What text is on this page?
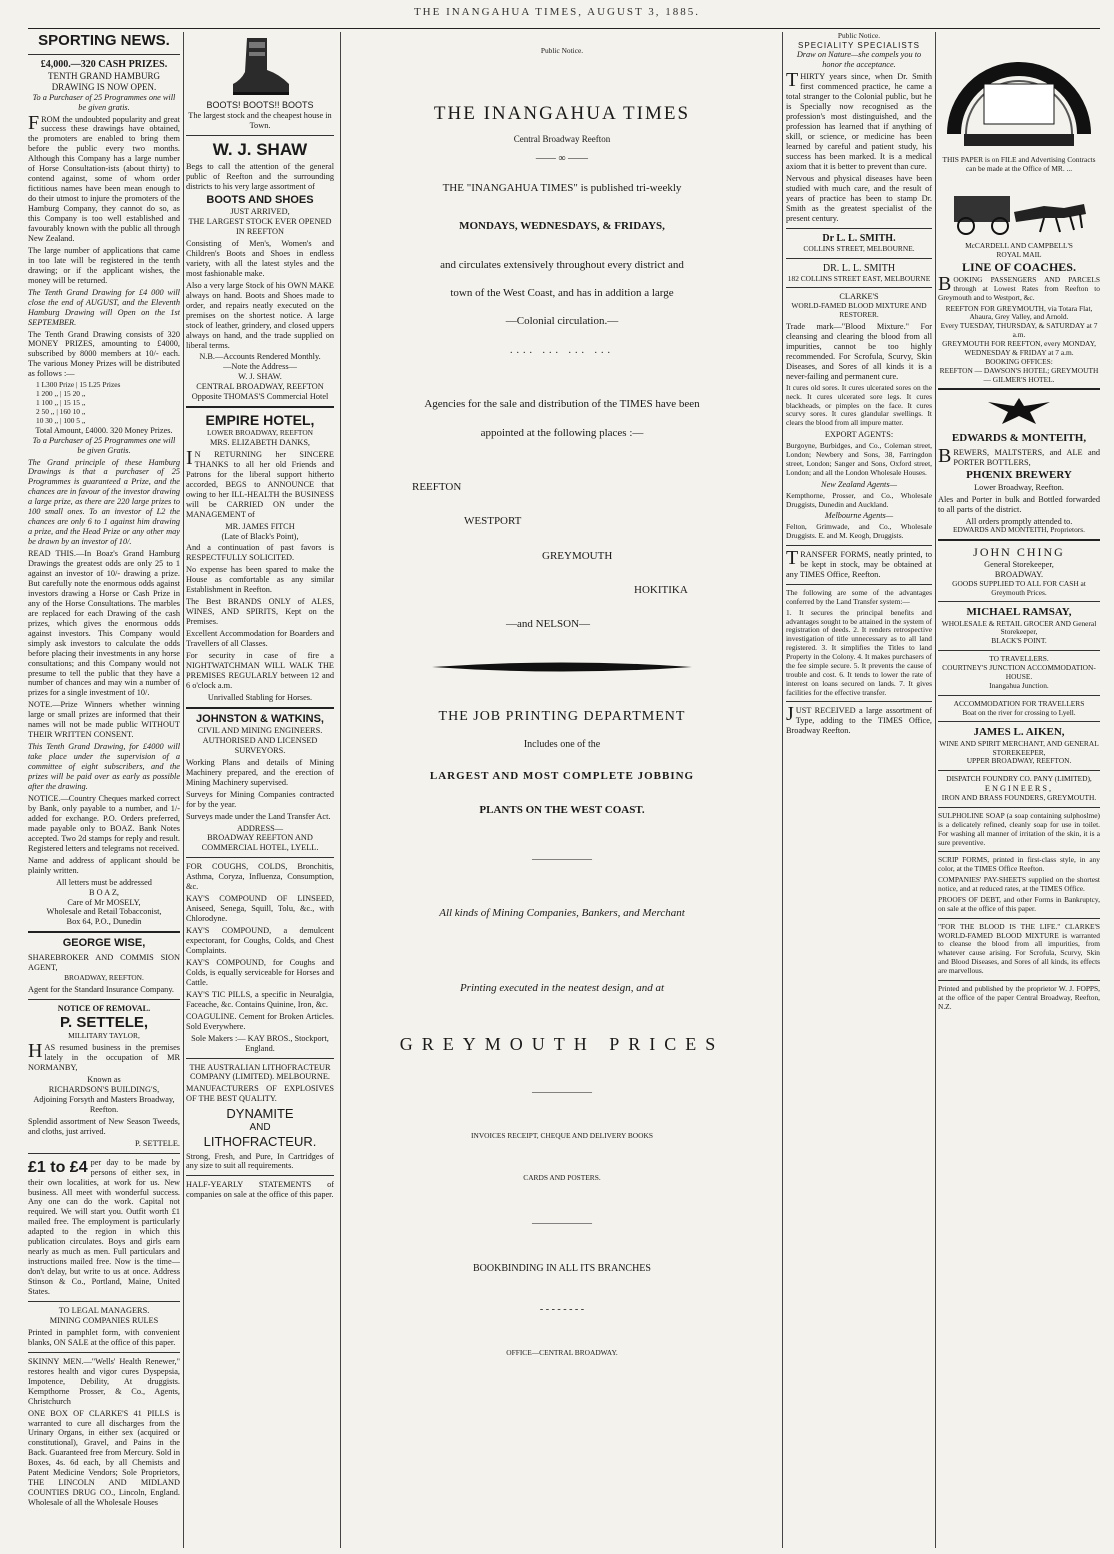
THE INANGAHUA TIMES, AUGUST 3, 1885.
SPORTING NEWS.
£4,000.—320 CASH PRIZES.
TENTH GRAND HAMBURG DRAWING IS NOW OPEN.
To a Purchaser of 25 Programmes one will be given gratis.

FROM the undoubted popularity and great success these drawings have obtained, the promoters are enabled to bring them before the public every two months. Although this Company has a large number of Horse Consultation-ists (about thirty) to contend against, some of whom order fictitious names have been mean enough to do their utmost to injure the promoters of the Hamburg Company, they cannot do so, as this Company is too well established and favourably known with the public all through New Zealand.

The large number of applications that came in too late will be registered in the tenth drawing; or if the applicant wishes, the money will be returned.

The Tenth Grand Drawing for £4 000 will close the end of AUGUST, and the Eleventh Hamburg Drawing will Open on the 1st SEPTEMBER.

The Tenth Grand Drawing consists of 320 MONEY PRIZES, amounting to £4000, subscribed by 8000 members at 10/- each. The various Money Prizes will be distributed as follows :—

1 L300 Prize | 15 L25 Prizes
1 200 ,, | 15 20 ,,
1 100 ,, | 15 15 ,,
2 50 ,, | 160 10 ,,
10 30 ,, | 100 5 ,,
Total Amount, £4000. 320 Money Prizes.
To a Purchaser of 25 Programmes one will be given Gratis.

The Grand principle of these Hamburg Drawings is that a purchaser of 25 Programmes is guaranteed a Prize, and the chances are in favour of the investor drawing a large prize, as there are 220 large prizes to 100 small ones. To an investor of L2 the chances are only 6 to 1 against him drawing a prize, and the Head Prize or any other may be drawn by an investor of 10/.

READ THIS.—In Boaz's Grand Hamburg Drawings the greatest odds are only 25 to 1 against an investor of 10/- drawing a prize. But carefully note the enormous odds against investors drawing a Horse or Cash Prize in any of the Horse Consultations. The marbles are replaced for each Drawing of the cash prizes, which gives the enormous odds against investors. This Company would simply ask investors to calculate the odds before placing their investments in any horse consultations; and this Company would not presume to tell the public that they have a number of chances and may win a number of prizes for a single investment of 10/.

NOTE.—Prize Winners whether winning large or small prizes are informed that their names will not be made public WITHOUT THEIR WRITTEN CONSENT.

This Tenth Grand Drawing, for £4000 will take place under the supervision of a committee of eight subscribers, and the prizes will be paid over as early as possible after the drawing.

NOTICE.—Country Cheques marked correct by Bank, only payable to a number, and 1/- added for exchange. P.O. Orders preferred, made payable only to BOAZ. Bank Notes accepted. Two 2d stamps for reply and result. Registered letters and telegrams not received.

Name and address of applicant should be plainly written.

All letters must be addressed
B O A Z,
Care of Mr MOSELY,
Wholesale and Retail Tobacconist,
Box 64, P.O., Dunedin
GEORGE WISE,

SHAREBROKER AND COMMIS SION AGENT,

BROADWAY, REEFTON.

Agent for the Standard Insurance Company.

NOTICE OF REMOVAL.
P. SETTELE,
MILLITARY TAYLOR,

HAS resumed business in the premises lately in the occupation of MR NORMANBY,

Known as
RICHARDSON'S BUILDING'S,
Adjoining Forsyth and Masters Broadway, Reefton.

Splendid assortment of New Season Tweeds, and cloths, just arrived.

P. SETTELE.
£1 to £4 per day to be made by persons of either sex, in their own localities, at work for us. New business. All meet with wonderful success. Any one can do the work. Capital not required. We will start you. Outfit worth £1 mailed free. The employment is particularly adapted to the region in which this publication circulates. Boys and girls earn nearly as much as men. Full particulars and instructions mailed free. Now is the time—don't delay, but write to us at once. Address Stinson & Co., Portland, Maine, United States.

TO LEGAL MANAGERS.
MINING COMPANIES RULES

Printed in pamphlet form, with convenient blanks, ON SALE at the office of this paper.

SKINNY MEN.—"Wells' Health Renewer," restores health and vigor cures Dyspepsia, Impotence, Debility, At druggists. Kempthorne Prosser, & Co., Agents, Christchurch

ONE BOX OF CLARKE'S 41 PILLS is warranted to cure all discharges from the Urinary Organs, in either sex (acquired or constitutional), Gravel, and Pains in the Back. Guaranteed free from Mercury. Sold in Boxes, 4s. 6d each, by all Chemists and Patent Medicine Vendors; Sole Proprietors, THE LINCOLN AND MIDLAND COUNTIES DRUG CO., Lincoln, England. Wholesale of all the Wholesale Houses

BOOTS! BOOTS!! BOOTS
The largest stock and the cheapest house in Town.
W. J. SHAW

Begs to call the attention of the general public of Reefton and the surrounding districts to his very large assortment of

BOOTS AND SHOES
JUST ARRIVED,
THE LARGEST STOCK EVER OPENED IN REEFTON

Consisting of Men's, Women's and Children's Boots and Shoes in endless variety, with all the latest styles and the most fashionable make.

Also a very large Stock of his OWN MAKE always on hand. Boots and Shoes made to order, and repairs neatly executed on the premises on the shortest notice. A large stock of leather, grindery, and closed uppers always on hand, and the trade supplied on liberal terms.

N.B.—Accounts Rendered Monthly.
—Note the Address—
W. J. SHAW.
CENTRAL BROADWAY, REEFTON
Opposite THOMAS'S Commercial Hotel
EMPIRE HOTEL,
LOWER BROADWAY, REEFTON
MRS. ELIZABETH DANKS,

IN RETURNING her SINCERE THANKS to all her old Friends and Patrons for the liberal support hitherto accorded, BEGS to ANNOUNCE that owing to her ILL-HEALTH the BUSINESS will be CARRIED ON under the MANAGEMENT of

MR. JAMES FITCH
(Late of Black's Point),

And a continuation of past favors is RESPECTFULLY SOLICITED.

No expense has been spared to make the House as comfortable as any similar Establishment in Reefton.

The Best BRANDS ONLY of ALES, WINES, AND SPIRITS, Kept on the Premises.

Excellent Accommodation for Boarders and Travellers of all Classes.

For security in case of fire a NIGHTWATCHMAN WILL WALK THE PREMISES REGULARLY between 12 and 6 o'clock a.m.

Unrivalled Stabling for Horses.
JOHNSTON & WATKINS,
CIVIL AND MINING ENGINEERS.
AUTHORISED AND LICENSED SURVEYORS.

Working Plans and details of Mining Machinery prepared, and the erection of Mining Machinery supervised.

Surveys for Mining Companies contracted for by the year.

Surveys made under the Land Transfer Act.

ADDRESS—
BROADWAY REEFTON AND COMMERCIAL HOTEL, LYELL.

FOR COUGHS, COLDS, Bronchitis, Asthma, Coryza, Influenza, Consumption, &c.

KAY'S COMPOUND OF LINSEED, Aniseed, Senega, Squill, Tolu, &c., with Chlorodyne.

KAY'S COMPOUND, a demulcent expectorant, for Coughs, Colds, and Chest Complaints.

KAY'S COMPOUND, for Coughs and Colds, is equally serviceable for Horses and Cattle.

KAY'S TIC PILLS, a specific in Neuralgia, Faceache, &c. Contains Quinine, Iron, &c.

COAGULINE. Cement for Broken Articles. Sold Everywhere.

Sole Makers :— KAY BROS., Stockport, England.
THE AUSTRALIAN LITHOFRACTEUR COMPANY (LIMITED). MELBOURNE.

MANUFACTURERS OF EXPLOSIVES OF THE BEST QUALITY.

DYNAMITE
AND
LITHOFRACTEUR.

Strong, Fresh, and Pure, In Cartridges of any size to suit all requirements.

HALF-YEARLY STATEMENTS of companies on sale at the office of this paper.

Public Notice.
THE INANGAHUA TIMES
Central Broadway Reefton
—— ∞ ——
THE "INANGAHUA TIMES" is published tri-weekly
MONDAYS, WEDNESDAYS, & FRIDAYS,
and circulates extensively throughout every district and
town of the West Coast, and has in addition a large
—Colonial circulation.—
.... ... ... ...
Agencies for the sale and distribution of the TIMES have been
appointed at the following places :—
REEFTON
WESTPORT
GREYMOUTH
HOKITIKA
—and NELSON—
THE JOB PRINTING DEPARTMENT
Includes one of the
LARGEST AND MOST COMPLETE JOBBING
PLANTS ON THE WEST COAST.
——————
All kinds of Mining Companies, Bankers, and Merchant
Printing executed in the neatest design, and at
GREYMOUTH PRICES
——————
INVOICES RECEIPT, CHEQUE AND DELIVERY BOOKS
CARDS AND POSTERS.
——————
BOOKBINDING IN ALL ITS BRANCHES
- - - - - - - -
OFFICE—CENTRAL BROADWAY.
Public Notice.
SPECIALITY SPECIALISTS
Draw on Nature—she compels you to honor the acceptance.

THIRTY years since, when Dr. Smith first commenced practice, he came a total stranger to the Colonial public, but he is Specially now recognised as the profession's most distinguished, and the profession has learned that if anything of skill, or science, or medicine has been learned by careful and patient study, his success has been marked. It is a medical axiom that it is better to prevent than cure.

Nervous and physical diseases have been studied with much care, and the result of years of practice has been to stamp Dr. Smith as the greatest specialist of the present century.

Dr L. L. SMITH.
COLLINS STREET, MELBOURNE.
DR. L. L. SMITH
182 COLLINS STREET EAST, MELBOURNE
CLARKE'S
WORLD-FAMED BLOOD MIXTURE AND RESTORER.

Trade mark—"Blood Mixture." For cleansing and clearing the blood from all impurities, cannot be too highly recommended. For Scrofula, Scurvy, Skin Diseases, and Sores of all kinds it is a never-failing and permanent cure.

It cures old sores. It cures ulcerated sores on the neck. It cures ulcerated sore legs. It cures blackheads, or pimples on the face. It cures scurvy sores. It cures glandular swellings. It clears the blood from all impure matter.

EXPORT AGENTS:

Burgoyne, Burbidges, and Co., Coleman street, London; Newbery and Sons, 38, Farringdon street, London; Sanger and Sons, Oxford street, London; and all the London Wholesale Houses.

New Zealand Agents—

Kempthorne, Prosser, and Co., Wholesale Druggists, Dunedin and Auckland.

Melbourne Agents—

Felton, Grimwade, and Co., Wholesale Druggists. E. and M. Keogh, Druggists.

TRANSFER FORMS, neatly printed, to be kept in stock, may be obtained at any TIMES Office, Reefton.

The following are some of the advantages conferred by the Land Transfer system:—

1. It secures the principal benefits and advantages sought to be attained in the system of registration of deeds. 2. It renders retrospective investigation of title unnecessary as to all land registered. 3. It simplifies the Titles to land Property in the Colony. 4. It makes purchasers of the fee simple secure. 5. It prevents the cause of trouble and cost. 6. It tends to lower the rate of interest on loans secured on lands. 7. It gives facilities for the effective transfer.

JUST RECEIVED a large assortment of Type, adding to the TIMES Office, Broadway Reefton.

THIS PAPER is on FILE and Advertising Contracts can be made at the Office of MR. ...
McCARDELL AND CAMPBELL'S
ROYAL MAIL
LINE OF COACHES.

BOOKING PASSENGERS AND PARCELS through at Lowest Rates from Reefton to Greymouth and to Westport, &c.

REEFTON FOR GREYMOUTH, via Totara Flat, Ahaura, Grey Valley, and Arnold.
Every TUESDAY, THURSDAY, & SATURDAY at 7 a.m.
GREYMOUTH FOR REEFTON, every MONDAY, WEDNESDAY & FRIDAY at 7 a.m.
BOOKING OFFICES:
REEFTON — DAWSON'S HOTEL; GREYMOUTH — GILMER'S HOTEL.
EDWARDS & MONTEITH,

BREWERS, MALTSTERS, and ALE and PORTER BOTTLERS,

PHŒNIX BREWERY
Lower Broadway, Reefton.

Ales and Porter in bulk and Bottled forwarded to all parts of the district.

All orders promptly attended to.
EDWARDS AND MONTEITH, Proprietors.
JOHN CHING
General Storekeeper,
BROADWAY.
GOODS SUPPLIED TO ALL FOR CASH at Greymouth Prices.
MICHAEL RAMSAY,
WHOLESALE & RETAIL GROCER AND General Storekeeper,
BLACK'S POINT.
TO TRAVELLERS.
COURTNEY'S JUNCTION ACCOMMODATION-HOUSE.
Inangahua Junction.
ACCOMMODATION FOR TRAVELLERS
Boat on the river for crossing to Lyell.
JAMES L. AIKEN,
WINE AND SPIRIT MERCHANT, AND GENERAL STOREKEEPER,
UPPER BROADWAY, REEFTON.
DISPATCH FOUNDRY CO. PANY (LIMITED),
ENGINEERS,
IRON AND BRASS FOUNDERS, GREYMOUTH.

SULPHOLINE SOAP (a soap containing sulphoslme) is a delicately refined, cleanly soap for use in toilet. For washing all manner of irritation of the skin, it is a sure preventive.

SCRIP FORMS, printed in first-class style, in any color, at the TIMES Office Reefton.

COMPANIES' PAY-SHEETS supplied on the shortest notice, and at reduced rates, at the TIMES Office.

PROOFS OF DEBT, and other Forms in Bankruptcy, on sale at the office of this paper.

"FOR THE BLOOD IS THE LIFE." CLARKE'S WORLD-FAMED BLOOD MIXTURE is warranted to cleanse the blood from all impurities, from whatever cause arising. For Scrofula, Scurvy, Skin and Blood Diseases, and Sores of all kinds, its effects are marvellous.

Printed and published by the proprietor W. J. FOPPS, at the office of the paper Central Broadway, Reefton, N.Z.
